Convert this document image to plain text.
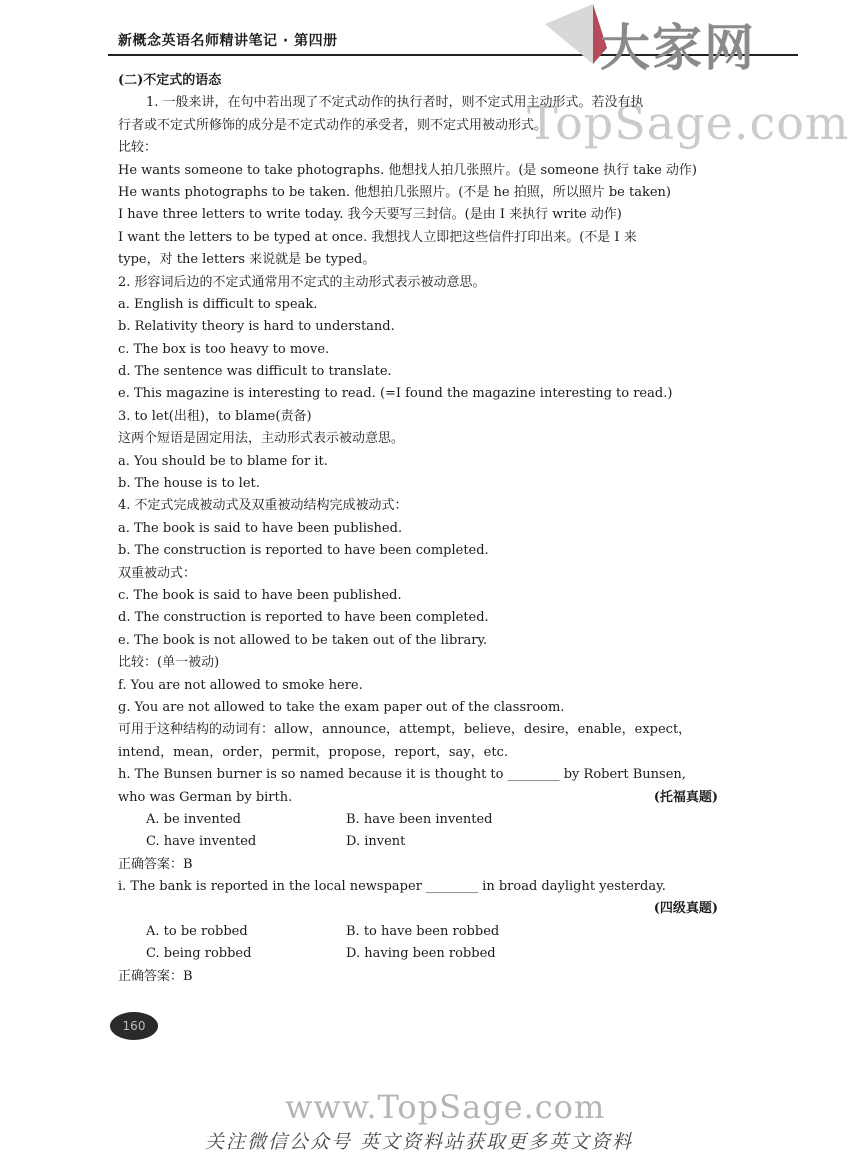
新概念英语名师精讲笔记 · 第四册	大家网
TopSage.com
(二)不定式的语态
1. 一般来讲，在句中若出现了不定式动作的执行者时，则不定式用主动形式。若没有执
行者或不定式所修饰的成分是不定式动作的承受者，则不定式用被动形式。
比较：
He wants someone to take photographs. 他想找人拍几张照片。(是 someone 执行 take 动作)
He wants photographs to be taken. 他想拍几张照片。(不是 he 拍照，所以照片 be taken)
I have three letters to write today. 我今天要写三封信。(是由 I 来执行 write 动作)
I want the letters to be typed at once. 我想找人立即把这些信件打印出来。(不是 I 来
type，对 the letters 来说就是 be typed。
2. 形容词后边的不定式通常用不定式的主动形式表示被动意思。
a. English is difficult to speak.
b. Relativity theory is hard to understand.
c. The box is too heavy to move.
d. The sentence was difficult to translate.
e. This magazine is interesting to read. (=I found the magazine interesting to read.)
3. to let(出租)，to blame(责备)
这两个短语是固定用法，主动形式表示被动意思。
a. You should be to blame for it.
b. The house is to let.
4. 不定式完成被动式及双重被动结构完成被动式：
a. The book is said to have been published.
b. The construction is reported to have been completed.
双重被动式：
c. The book is said to have been published.
d. The construction is reported to have been completed.
e. The book is not allowed to be taken out of the library.
比较：(单一被动)
f. You are not allowed to smoke here.
g. You are not allowed to take the exam paper out of the classroom.
可用于这种结构的动词有：allow，announce，attempt，believe，desire，enable，expect，
intend，mean，order，permit，propose，report，say，etc.
h. The Bunsen burner is so named because it is thought to ________ by Robert Bunsen,
who was German by birth.	(托福真题)
A. be invented	B. have been invented
C. have invented	D. invent
正确答案：B
i. The bank is reported in the local newspaper ________ in broad daylight yesterday.
(四级真题)
A. to be robbed	B. to have been robbed
C. being robbed	D. having been robbed
正确答案：B
160
www.TopSage.com
关注微信公众号 英文资料站获取更多英文资料
